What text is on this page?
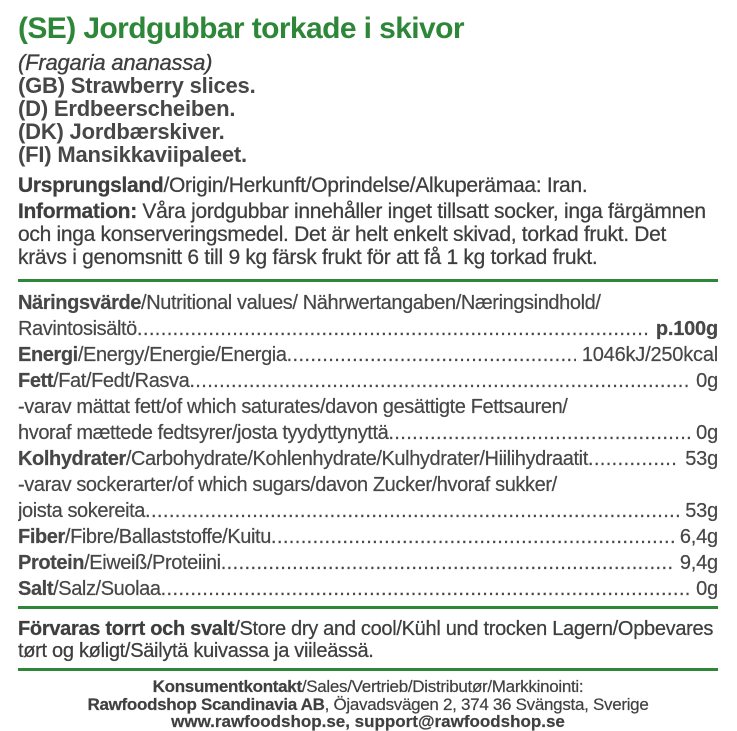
(SE) Jordgubbar torkade i skivor
(Fragaria ananassa)
(GB) Strawberry slices.
(D) Erdbeerscheiben.
(DK) Jordbærskiver.
(FI) Mansikkaviipaleet.
Ursprungsland/Origin/Herkunft/Oprindelse/Alkuperämaa: Iran.
Information: Våra jordgubbar innehåller inget tillsatt socker, inga färgämnen och inga konserveringsmedel. Det är helt enkelt skivad, torkad frukt. Det krävs i genomsnitt 6 till 9 kg färsk frukt för att få 1 kg torkad frukt.
Näringsvärde/Nutritional values/ Nährwertangaben/Næringsindhold/
Ravintosisältö .....	p.100g
Energi /Energy/Energie/Energia .....	1046kJ/250kcal
Fett /Fat/Fedt/Rasva .....	0g
-varav mättat fett/of which saturates/davon gesättigte Fettsauren/
hvoraf mættede fedtsyrer/josta tyydyttynyttä .....	0g
Kolhydrater /Carbohydrate/Kohlenhydrate/Kulhydrater/Hiilihydraatit .....	53g
-varav sockerarter/of which sugars/davon Zucker/hvoraf sukker/
joista sokereita .....	53g
Fiber /Fibre/Ballaststoffe/Kuitu .....	6,4g
Protein /Eiweiß/Proteiini .....	9,4g
Salt /Salz/Suolaa .....	0g
Förvaras torrt och svalt/Store dry and cool/Kühl und trocken Lagern/Opbevares tørt og køligt/Säilytä kuivassa ja viileässä.
Konsumentkontakt/Sales/Vertrieb/Distributør/Markkinointi:
Rawfoodshop Scandinavia AB, Öjavadsvägen 2, 374 36 Svängsta, Sverige
www.rawfoodshop.se, support@rawfoodshop.se
